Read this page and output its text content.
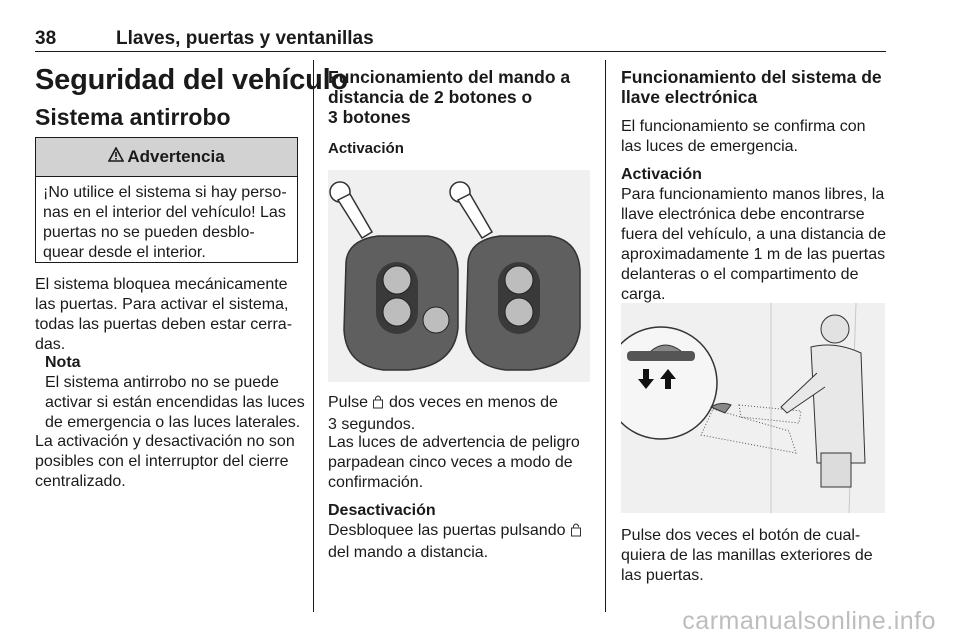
38	Llaves, puertas y ventanillas
Seguridad del vehículo
Sistema antirrobo
Advertencia
¡No utilice el sistema si hay perso-
nas en el interior del vehículo! Las
puertas no se pueden desblo-
quear desde el interior.
El sistema bloquea mecánicamente
las puertas. Para activar el sistema,
todas las puertas deben estar cerra-
das.
Nota
El sistema antirrobo no se puede
activar si están encendidas las luces
de emergencia o las luces laterales.
La activación y desactivación no son
posibles con el interruptor del cierre
centralizado.
Funcionamiento del mando a
distancia de 2 botones o
3 botones
Activación
Pulse dos veces en menos de
3 segundos.
Las luces de advertencia de peligro
parpadean cinco veces a modo de
confirmación.
Desactivación
Desbloquee las puertas pulsando
del mando a distancia.
Funcionamiento del sistema de
llave electrónica
El funcionamiento se confirma con
las luces de emergencia.
Activación
Para funcionamiento manos libres, la
llave electrónica debe encontrarse
fuera del vehículo, a una distancia de
aproximadamente 1 m de las puertas
delanteras o el compartimento de
carga.
Pulse dos veces el botón de cual-
quiera de las manillas exteriores de
las puertas.
carmanualsonline.info
